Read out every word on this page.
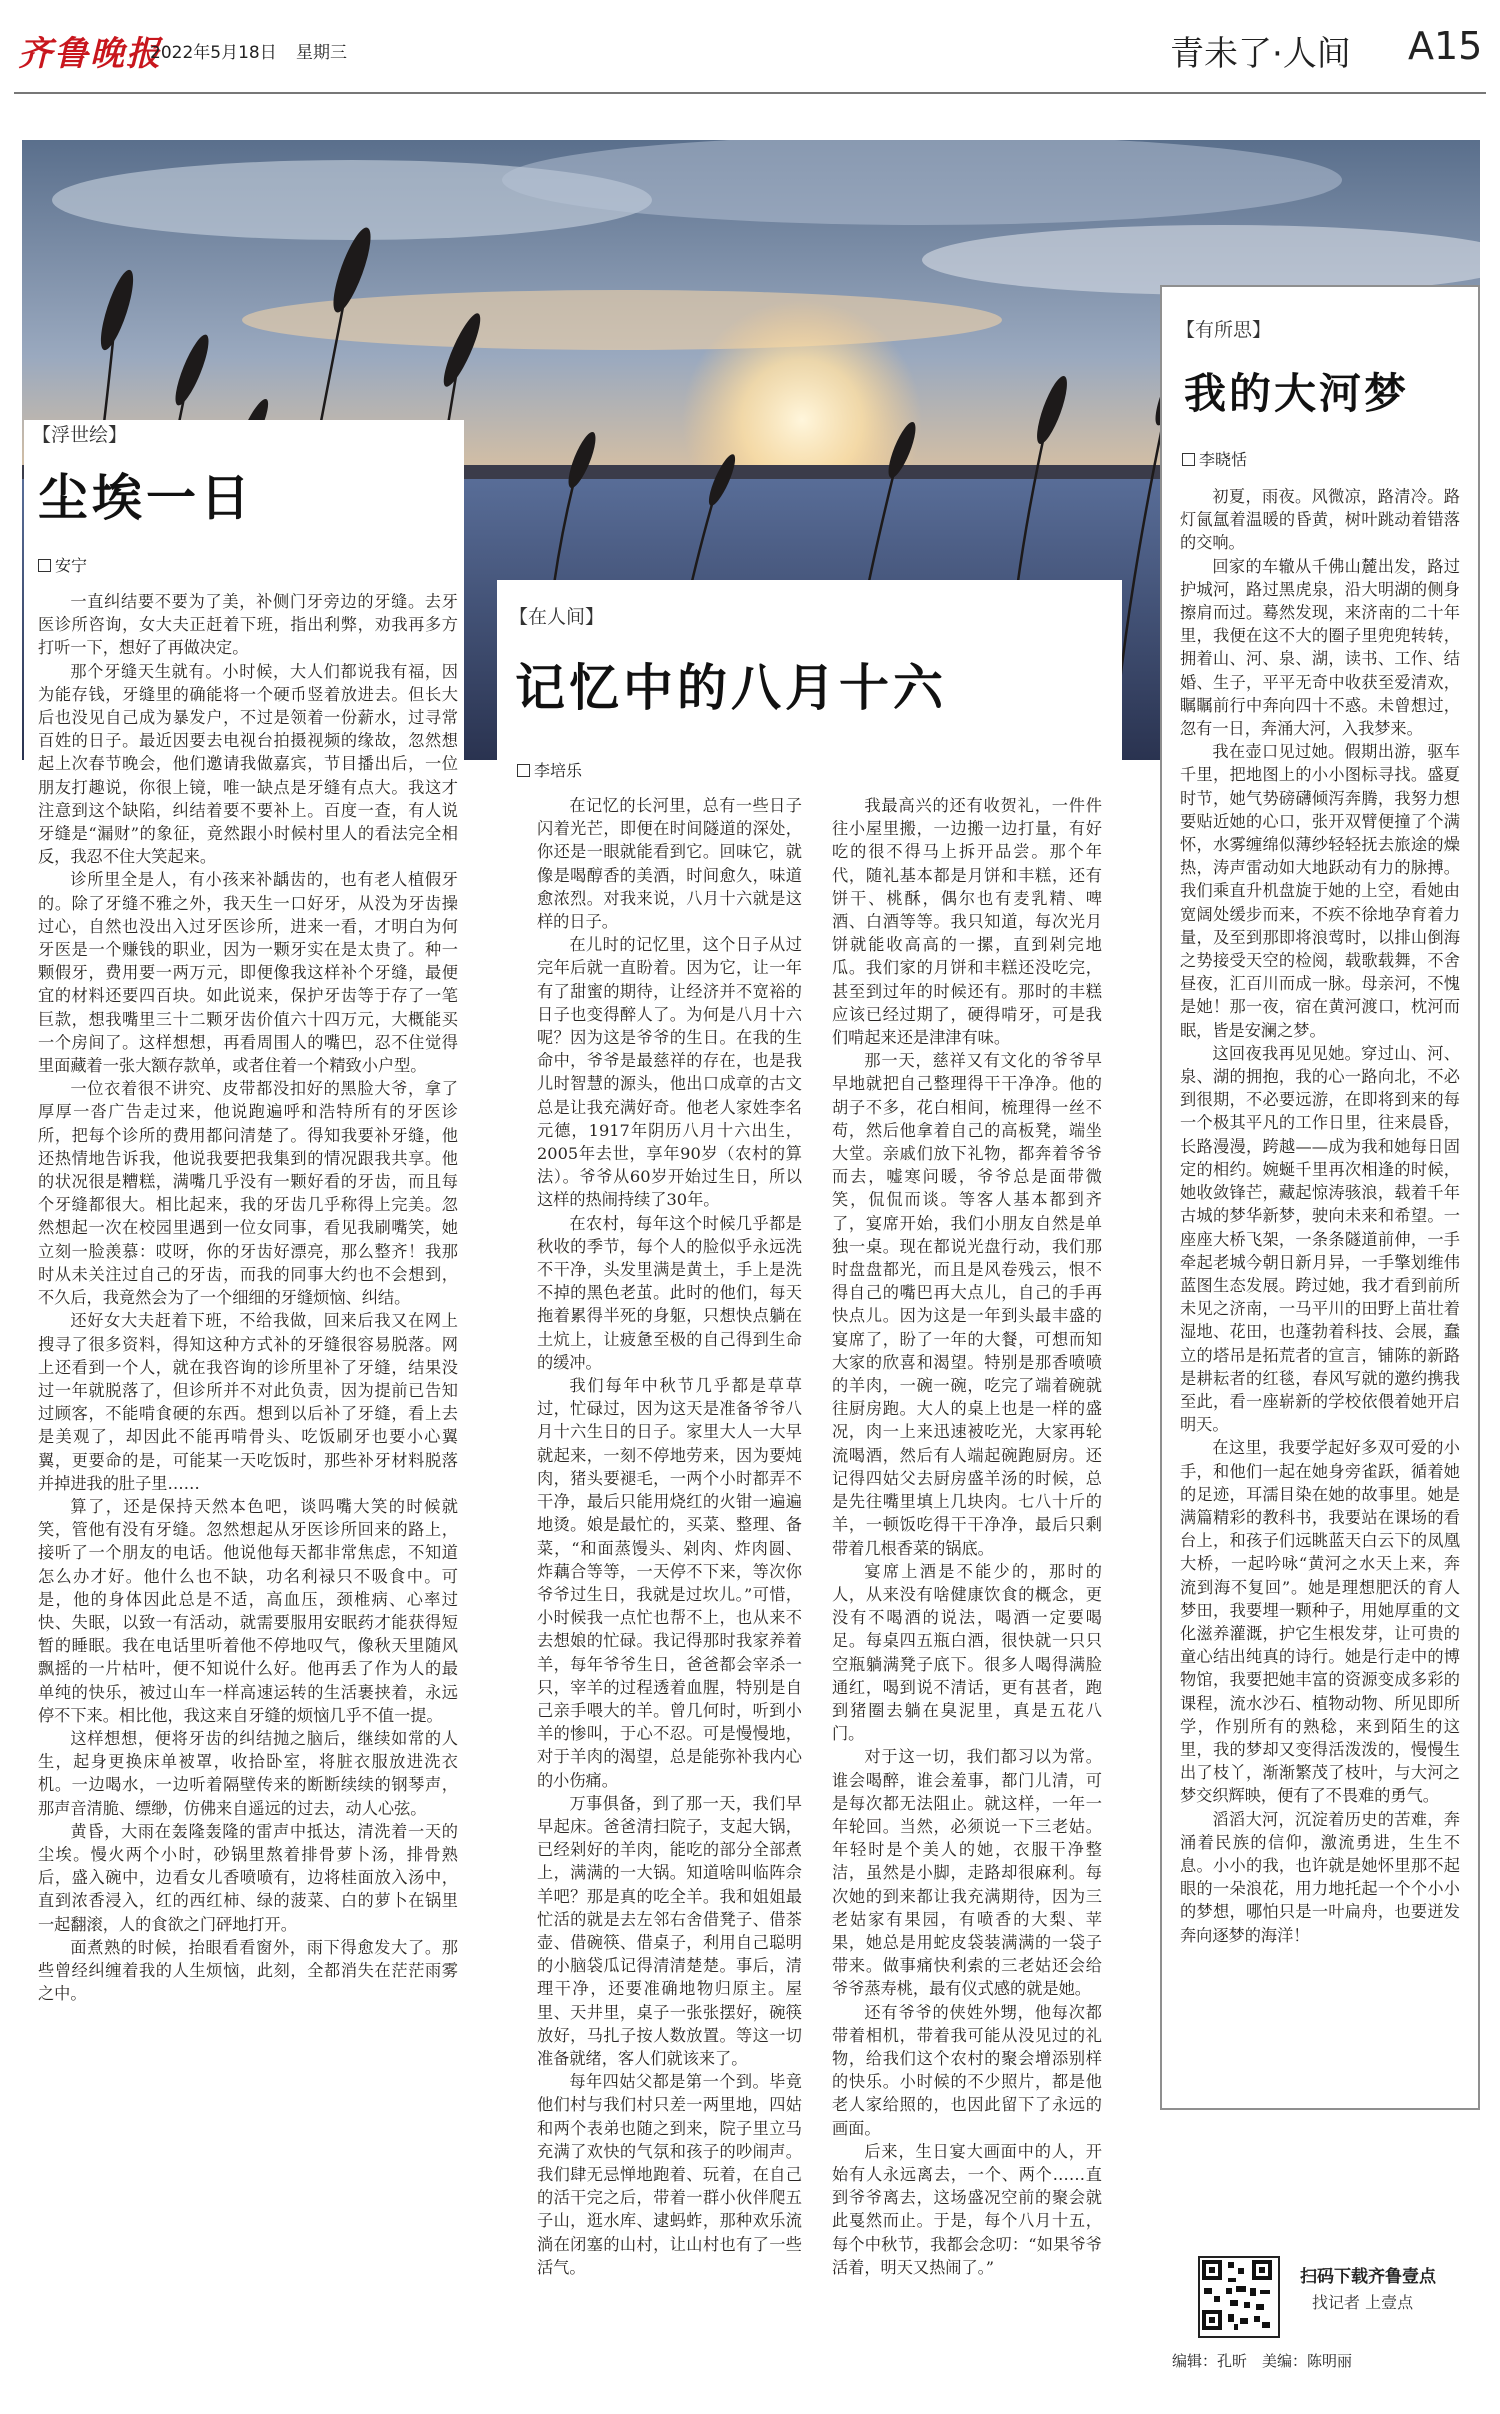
齐鲁晚报
2022年5月18日 星期三	青未了·人间 A15
【浮世绘】
尘埃一日
安宁

一直纠结要不要为了美，补侧门牙旁边的牙缝。去牙医诊所咨询，女大夫正赶着下班，指出利弊，劝我再多方打听一下，想好了再做决定。

那个牙缝天生就有。小时候，大人们都说我有福，因为能存钱，牙缝里的确能将一个硬币竖着放进去。但长大后也没见自己成为暴发户，不过是领着一份薪水，过寻常百姓的日子。最近因要去电视台拍摄视频的缘故，忽然想起上次春节晚会，他们邀请我做嘉宾，节目播出后，一位朋友打趣说，你很上镜，唯一缺点是牙缝有点大。我这才注意到这个缺陷，纠结着要不要补上。百度一查，有人说牙缝是“漏财”的象征，竟然跟小时候村里人的看法完全相反，我忍不住大笑起来。

诊所里全是人，有小孩来补龋齿的，也有老人植假牙的。除了牙缝不雅之外，我天生一口好牙，从没为牙齿操过心，自然也没出入过牙医诊所，进来一看，才明白为何牙医是一个赚钱的职业，因为一颗牙实在是太贵了。种一颗假牙，费用要一两万元，即便像我这样补个牙缝，最便宜的材料还要四百块。如此说来，保护牙齿等于存了一笔巨款，想我嘴里三十二颗牙齿价值六十四万元，大概能买一个房间了。这样想想，再看周围人的嘴巴，忍不住觉得里面藏着一张大额存款单，或者住着一个精致小户型。

一位衣着很不讲究、皮带都没扣好的黑脸大爷，拿了厚厚一沓广告走过来，他说跑遍呼和浩特所有的牙医诊所，把每个诊所的费用都问清楚了。得知我要补牙缝，他还热情地告诉我，他说我要把我集到的情况跟我共享。他的状况很是糟糕，满嘴几乎没有一颗好看的牙齿，而且每个牙缝都很大。相比起来，我的牙齿几乎称得上完美。忽然想起一次在校园里遇到一位女同事，看见我刷嘴笑，她立刻一脸羡慕：哎呀，你的牙齿好漂亮，那么整齐！我那时从未关注过自己的牙齿，而我的同事大约也不会想到，不久后，我竟然会为了一个细细的牙缝烦恼、纠结。

还好女大夫赶着下班，不给我做，回来后我又在网上搜寻了很多资料，得知这种方式补的牙缝很容易脱落。网上还看到一个人，就在我咨询的诊所里补了牙缝，结果没过一年就脱落了，但诊所并不对此负责，因为提前已告知过顾客，不能啃食硬的东西。想到以后补了牙缝，看上去是美观了，却因此不能再啃骨头、吃饭刷牙也要小心翼翼，更要命的是，可能某一天吃饭时，那些补牙材料脱落并掉进我的肚子里……

算了，还是保持天然本色吧，谈吗嘴大笑的时候就笑，管他有没有牙缝。忽然想起从牙医诊所回来的路上，接听了一个朋友的电话。他说他每天都非常焦虑，不知道怎么办才好。他什么也不缺，功名利禄只不吸食中。可是，他的身体因此总是不适，高血压，颈椎病、心率过快、失眠，以致一有活动，就需要服用安眠药才能获得短暂的睡眠。我在电话里听着他不停地叹气，像秋天里随风飘摇的一片枯叶，便不知说什么好。他再丢了作为人的最单纯的快乐，被过山车一样高速运转的生活裹挟着，永远停不下来。相比他，我这来自牙缝的烦恼几乎不值一提。

这样想想，便将牙齿的纠结抛之脑后，继续如常的人生，起身更换床单被罩，收拾卧室，将脏衣服放进洗衣机。一边喝水，一边听着隔壁传来的断断续续的钢琴声，那声音清脆、缥缈，仿佛来自遥远的过去，动人心弦。

黄昏，大雨在轰隆轰隆的雷声中抵达，清洗着一天的尘埃。慢火两个小时，砂锅里熬着排骨萝卜汤，排骨熟后，盛入碗中，边看女儿香喷喷有，边将桂面放入汤中，直到浓香浸入，红的西红柿、绿的菠菜、白的萝卜在锅里一起翻滚，人的食欲之门砰地打开。

面煮熟的时候，抬眼看看窗外，雨下得愈发大了。那些曾经纠缠着我的人生烦恼，此刻，全都消失在茫茫雨雾之中。

【在人间】
记忆中的八月十六
李培乐

在记忆的长河里，总有一些日子闪着光芒，即便在时间隧道的深处，你还是一眼就能看到它。回味它，就像是喝醇香的美酒，时间愈久，味道愈浓烈。对我来说，八月十六就是这样的日子。

在儿时的记忆里，这个日子从过完年后就一直盼着。因为它，让一年有了甜蜜的期待，让经济并不宽裕的日子也变得醉人了。为何是八月十六呢？因为这是爷爷的生日。在我的生命中，爷爷是最慈祥的存在，也是我儿时智慧的源头，他出口成章的古文总是让我充满好奇。他老人家姓李名元德，1917年阴历八月十六出生，2005年去世，享年90岁（农村的算法）。爷爷从60岁开始过生日，所以这样的热闹持续了30年。

在农村，每年这个时候几乎都是秋收的季节，每个人的脸似乎永远洗不干净，头发里满是黄土，手上是洗不掉的黑色老茧。此时的他们，每天拖着累得半死的身躯，只想快点躺在土炕上，让疲惫至极的自己得到生命的缓冲。

我们每年中秋节几乎都是草草过，忙碌过，因为这天是准备爷爷八月十六生日的日子。家里大人一大早就起来，一刻不停地劳来，因为要炖肉，猪头要褪毛，一两个小时都弄不干净，最后只能用烧红的火钳一遍遍地烫。娘是最忙的，买菜、整理、备菜，“和面蒸馒头、剁肉、炸肉圆、炸藕合等等，一天停不下来，等次你爷爷过生日，我就是过坎儿。”可惜，小时候我一点忙也帮不上，也从来不去想娘的忙碌。我记得那时我家养着羊，每年爷爷生日，爸爸都会宰杀一只，宰羊的过程透着血腥，特别是自己亲手喂大的羊。曾几何时，听到小羊的惨叫，于心不忍。可是慢慢地，对于羊肉的渴望，总是能弥补我内心的小伤痛。

万事俱备，到了那一天，我们早早起床。爸爸清扫院子，支起大锅，已经剁好的羊肉，能吃的部分全部煮上，满满的一大锅。知道啥叫临阵佘羊吧？那是真的吃全羊。我和姐姐最忙活的就是去左邻右舍借凳子、借茶壶、借碗筷、借桌子，利用自己聪明的小脑袋瓜记得清清楚楚。事后，清理干净，还要准确地物归原主。屋里、天井里，桌子一张张摆好，碗筷放好，马扎子按人数放置。等这一切准备就绪，客人们就该来了。

每年四姑父都是第一个到。毕竟他们村与我们村只差一两里地，四姑和两个表弟也随之到来，院子里立马充满了欢快的气氛和孩子的吵闹声。我们肆无忌惮地跑着、玩着，在自己的活干完之后，带着一群小伙伴爬五子山，逛水库、逮蚂蚱，那种欢乐流淌在闭塞的山村，让山村也有了一些活气。

我最高兴的还有收贺礼，一件件往小屋里搬，一边搬一边打量，有好吃的很不得马上拆开品尝。那个年代，随礼基本都是月饼和丰糕，还有饼干、桃酥，偶尔也有麦乳精、啤酒、白酒等等。我只知道，每次光月饼就能收高高的一摞，直到剁完地瓜。我们家的月饼和丰糕还没吃完，甚至到过年的时候还有。那时的丰糕应该已经过期了，硬得啃牙，可是我们啃起来还是津津有味。

那一天，慈祥又有文化的爷爷早早地就把自己整理得干干净净。他的胡子不多，花白相间，梳理得一丝不苟，然后他拿着自己的高板凳，端坐大堂。亲戚们放下礼物，都奔着爷爷而去，嘘寒问暖，爷爷总是面带微笑，侃侃而谈。等客人基本都到齐了，宴席开始，我们小朋友自然是单独一桌。现在都说光盘行动，我们那时盘盘都光，而且是风卷残云，恨不得自己的嘴巴再大点儿，自己的手再快点儿。因为这是一年到头最丰盛的宴席了，盼了一年的大餐，可想而知大家的欣喜和渴望。特别是那香喷喷的羊肉，一碗一碗，吃完了端着碗就往厨房跑。大人的桌上也是一样的盛况，肉一上来迅速被吃光，大家再轮流喝酒，然后有人端起碗跑厨房。还记得四姑父去厨房盛羊汤的时候，总是先往嘴里填上几块肉。七八十斤的羊，一顿饭吃得干干净净，最后只剩带着几根香菜的锅底。

宴席上酒是不能少的，那时的人，从来没有啥健康饮食的概念，更没有不喝酒的说法，喝酒一定要喝足。每桌四五瓶白酒，很快就一只只空瓶躺满凳子底下。很多人喝得满脸通红，喝到说不清话，更有甚者，跑到猪圈去躺在臭泥里，真是五花八门。

对于这一切，我们都习以为常。谁会喝醉，谁会羞事，都门儿清，可是每次都无法阻止。就这样，一年一年轮回。当然，必须说一下三老姑。年轻时是个美人的她，衣服干净整洁，虽然是小脚，走路却很麻利。每次她的到来都让我充满期待，因为三老姑家有果园，有喷香的大梨、苹果，她总是用蛇皮袋装满满的一袋子带来。做事痛快利索的三老姑还会给爷爷蒸寿桃，最有仪式感的就是她。

还有爷爷的侠姓外甥，他每次都带着相机，带着我可能从没见过的礼物，给我们这个农村的聚会增添别样的快乐。小时候的不少照片，都是他老人家给照的，也因此留下了永远的画面。

后来，生日宴大画面中的人，开始有人永远离去，一个、两个……直到爷爷离去，这场盛况空前的聚会就此戛然而止。于是，每个八月十五，每个中秋节，我都会念叨：“如果爷爷活着，明天又热闹了。”

【有所思】
我的大河梦
李晓恬

初夏，雨夜。风微凉，路清冷。路灯氤氲着温暖的昏黄，树叶跳动着错落的交响。

回家的车辙从千佛山麓出发，路过护城河，路过黑虎泉，沿大明湖的侧身擦肩而过。蓦然发现，来济南的二十年里，我便在这不大的圈子里兜兜转转，拥着山、河、泉、湖，读书、工作、结婚、生子，平平无奇中收获至爱清欢，瞩瞩前行中奔向四十不惑。未曾想过，忽有一日，奔涌大河，入我梦来。

我在壶口见过她。假期出游，驱车千里，把地图上的小小图标寻找。盛夏时节，她气势磅礴倾泻奔腾，我努力想要贴近她的心口，张开双臂便撞了个满怀，水雾缠绵似薄纱轻轻抚去旅途的燥热，涛声雷动如大地跃动有力的脉搏。我们乘直升机盘旋于她的上空，看她由宽阔处缓步而来，不疾不徐地孕育着力量，及至到那即将浪莺时，以排山倒海之势接受天空的检阅，载歌载舞，不舍昼夜，汇百川而成一脉。母亲河，不愧是她！那一夜，宿在黄河渡口，枕河而眠，皆是安澜之梦。

这回夜我再见见她。穿过山、河、泉、湖的拥抱，我的心一路向北，不必到很期，不必要远游，在即将到来的每一个极其平凡的工作日里，往来晨昏，长路漫漫，跨越——成为我和她每日固定的相约。婉蜒千里再次相逢的时候，她收敛锋芒，藏起惊涛骇浪，载着千年古城的梦华新梦，驶向未来和希望。一座座大桥飞架，一条条隧道前伸，一手牵起老城今朝日新月异，一手擎划维伟蓝图生态发展。跨过她，我才看到前所未见之济南，一马平川的田野上苗壮着湿地、花田，也蓬勃着科技、会展，蠢立的塔吊是拓荒者的宣言，铺陈的新路是耕耘者的红毯，春风写就的邀约携我至此，看一座崭新的学校依偎着她开启明天。

在这里，我要学起好多双可爱的小手，和他们一起在她身旁雀跃，循着她的足迹，耳濡目染在她的故事里。她是满篇精彩的教科书，我要站在课场的看台上，和孩子们远眺蓝天白云下的凤凰大桥，一起吟咏“黄河之水天上来，奔流到海不复回”。她是理想肥沃的育人梦田，我要埋一颗种子，用她厚重的文化滋养灌溉，护它生根发芽，让可贵的童心结出纯真的诗行。她是行走中的博物馆，我要把她丰富的资源变成多彩的课程，流水沙石、植物动物、所见即所学，作别所有的熟稔，来到陌生的这里，我的梦却又变得活泼泼的，慢慢生出了枝丫，渐渐繁茂了枝叶，与大河之梦交织辉映，便有了不畏难的勇气。

滔滔大河，沉淀着历史的苦难，奔涌着民族的信仰，激流勇进，生生不息。小小的我，也许就是她怀里那不起眼的一朵浪花，用力地托起一个个小小的梦想，哪怕只是一叶扁舟，也要迸发奔向逐梦的海洋！

扫码下载齐鲁壹点
找记者 上壹点
编辑：孔昕　美编：陈明丽
